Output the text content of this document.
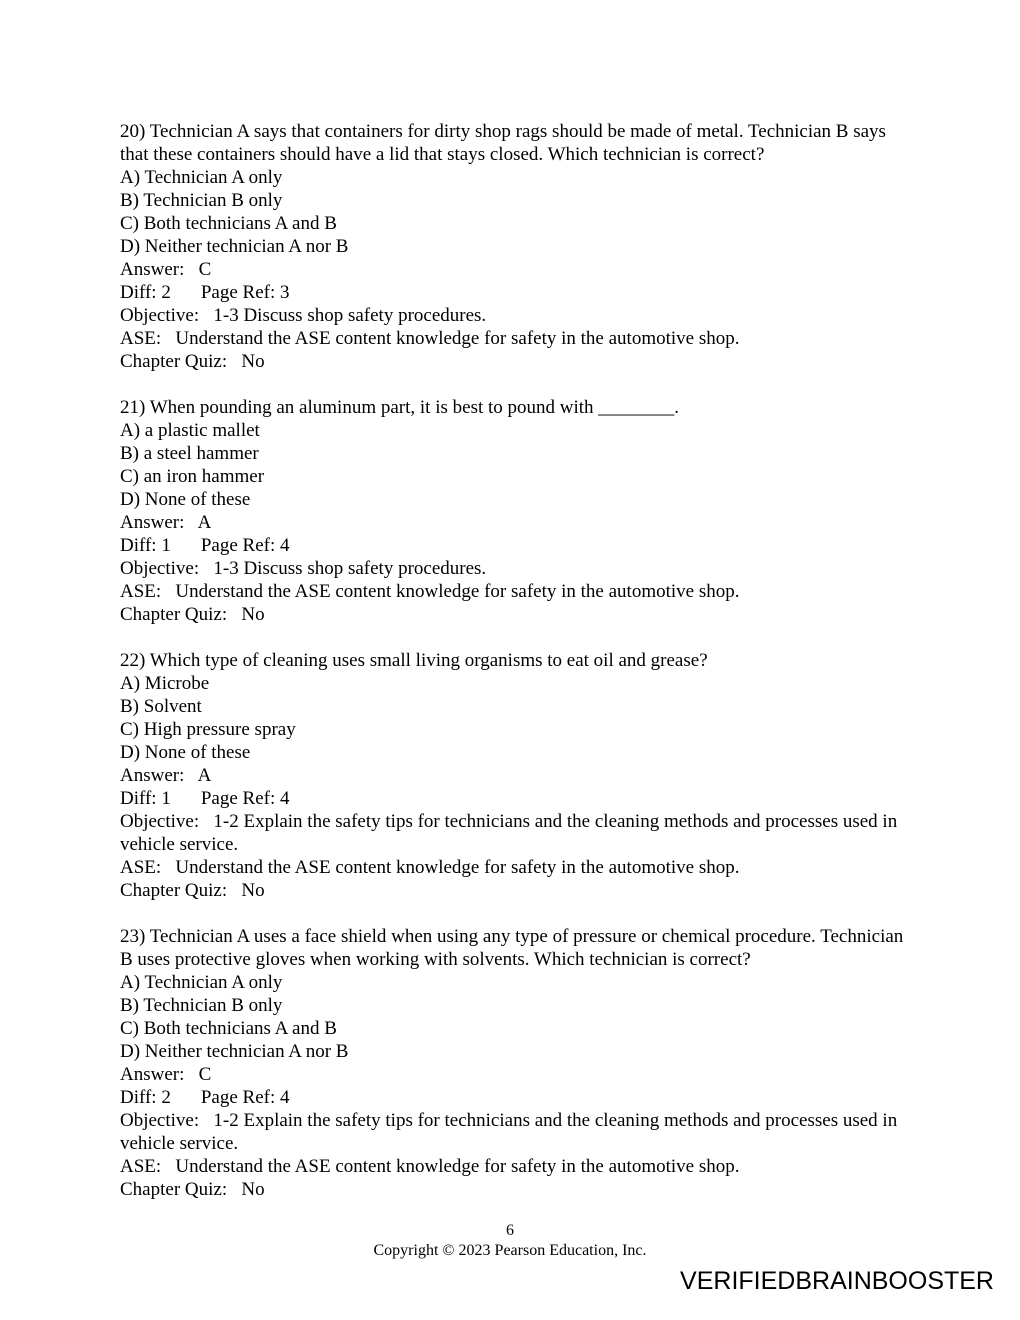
20) Technician A says that containers for dirty shop rags should be made of metal. Technician B says that these containers should have a lid that stays closed. Which technician is correct?
A) Technician A only
B) Technician B only
C) Both technicians A and B
D) Neither technician A nor B
Answer:   C
Diff: 2 Page Ref: 3
Objective:   1-3 Discuss shop safety procedures.
ASE:   Understand the ASE content knowledge for safety in the automotive shop.
Chapter Quiz:   No
21) When pounding an aluminum part, it is best to pound with ________.
A) a plastic mallet
B) a steel hammer
C) an iron hammer
D) None of these
Answer:   A
Diff: 1 Page Ref: 4
Objective:   1-3 Discuss shop safety procedures.
ASE:   Understand the ASE content knowledge for safety in the automotive shop.
Chapter Quiz:   No
22) Which type of cleaning uses small living organisms to eat oil and grease?
A) Microbe
B) Solvent
C) High pressure spray
D) None of these
Answer:   A
Diff: 1 Page Ref: 4
Objective:   1-2 Explain the safety tips for technicians and the cleaning methods and processes used in vehicle service.
ASE:   Understand the ASE content knowledge for safety in the automotive shop.
Chapter Quiz:   No
23) Technician A uses a face shield when using any type of pressure or chemical procedure. Technician B uses protective gloves when working with solvents. Which technician is correct?
A) Technician A only
B) Technician B only
C) Both technicians A and B
D) Neither technician A nor B
Answer:   C
Diff: 2 Page Ref: 4
Objective:   1-2 Explain the safety tips for technicians and the cleaning methods and processes used in vehicle service.
ASE:   Understand the ASE content knowledge for safety in the automotive shop.
Chapter Quiz:   No
6
Copyright © 2023 Pearson Education, Inc.
VERIFIEDBRAINBOOSTER
